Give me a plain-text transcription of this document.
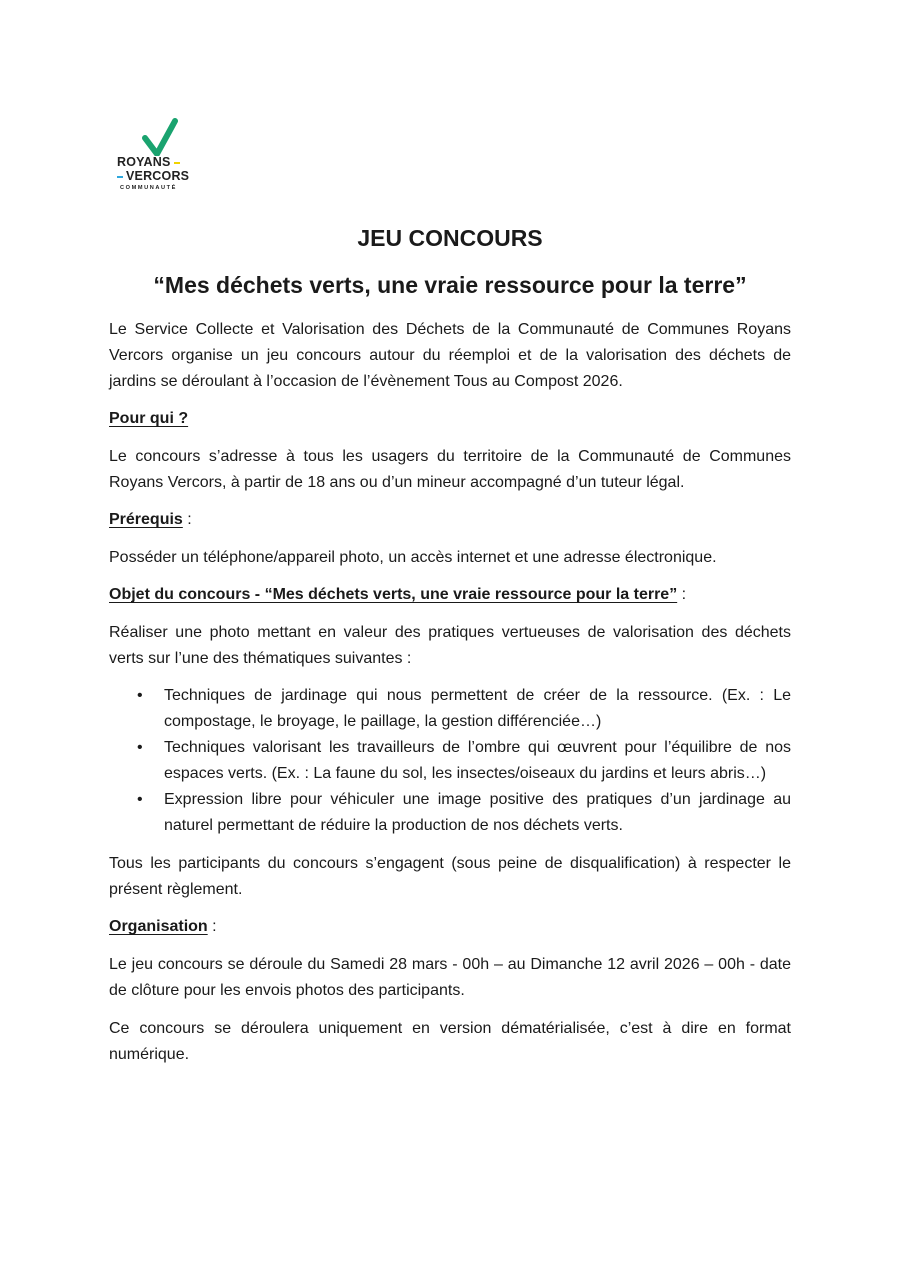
ROYANS
VERCORS
COMMUNAUTÉ
JEU CONCOURS
“Mes déchets verts, une vraie ressource pour la terre”

Le Service Collecte et Valorisation des Déchets de la Communauté de Communes Royans Vercors organise un jeu concours autour du réemploi et de la valorisation des déchets de jardins se déroulant à l’occasion de l’évènement Tous au Compost 2026.

Pour qui ?

Le concours s’adresse à tous les usagers du territoire de la Communauté de Communes Royans Vercors, à partir de 18 ans ou d’un mineur accompagné d’un tuteur légal.

Prérequis :

Posséder un téléphone/appareil photo, un accès internet et une adresse électronique.

Objet du concours - “Mes déchets verts, une vraie ressource pour la terre” :

Réaliser une photo mettant en valeur des pratiques vertueuses de valorisation des déchets verts sur l’une des thématiques suivantes :

• Techniques de jardinage qui nous permettent de créer de la ressource. (Ex. : Le compostage, le broyage, le paillage, la gestion différenciée…)
• Techniques valorisant les travailleurs de l’ombre qui œuvrent pour l’équilibre de nos espaces verts. (Ex. : La faune du sol, les insectes/oiseaux du jardins et leurs abris…)
• Expression libre pour véhiculer une image positive des pratiques d’un jardinage au naturel permettant de réduire la production de nos déchets verts.

Tous les participants du concours s’engagent (sous peine de disqualification) à respecter le présent règlement.

Organisation :

Le jeu concours se déroule du Samedi 28 mars - 00h – au Dimanche 12 avril 2026 – 00h - date de clôture pour les envois photos des participants.

Ce concours se déroulera uniquement en version dématérialisée, c’est à dire en format numérique.
